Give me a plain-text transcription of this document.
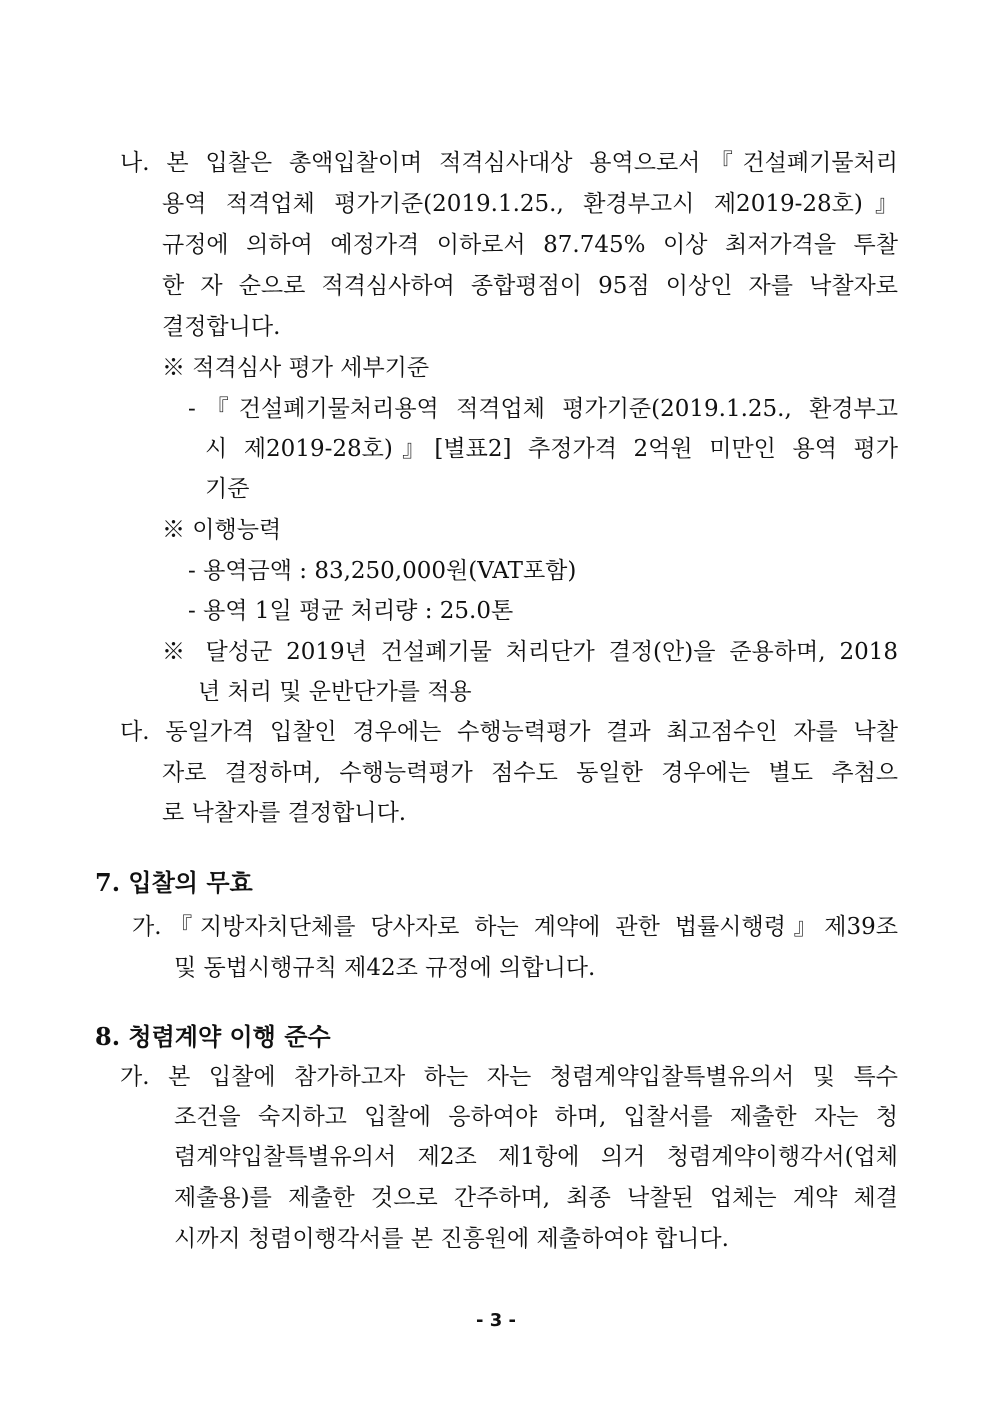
나. 본 입찰은 총액입찰이며 적격심사대상 용역으로서『건설폐기물처리
용역 적격업체 평가기준(2019.1.25., 환경부고시 제2019-28호)』
규정에 의하여 예정가격 이하로서 87.745% 이상 최저가격을 투찰
한 자 순으로 적격심사하여 종합평점이 95점 이상인 자를 낙찰자로
결정합니다.
※ 적격심사 평가 세부기준
-『건설폐기물처리용역 적격업체 평가기준(2019.1.25., 환경부고
시 제2019-28호)』[별표2] 추정가격 2억원 미만인 용역 평가
기준
※ 이행능력
- 용역금액 : 83,250,000원(VAT포함)
- 용역 1일 평균 처리량 : 25.0톤
※ 달성군 2019년 건설폐기물 처리단가 결정(안)을 준용하며, 2018
년 처리 및 운반단가를 적용
다. 동일가격 입찰인 경우에는 수행능력평가 결과 최고점수인 자를 낙찰
자로 결정하며, 수행능력평가 점수도 동일한 경우에는 별도 추첨으
로 낙찰자를 결정합니다.
7. 입찰의 무효
가.『지방자치단체를 당사자로 하는 계약에 관한 법률시행령』제39조
및 동법시행규칙 제42조 규정에 의합니다.
8. 청렴계약 이행 준수
가. 본 입찰에 참가하고자 하는 자는 청렴계약입찰특별유의서 및 특수
조건을 숙지하고 입찰에 응하여야 하며, 입찰서를 제출한 자는 청
렴계약입찰특별유의서 제2조 제1항에 의거 청렴계약이행각서(업체
제출용)를 제출한 것으로 간주하며, 최종 낙찰된 업체는 계약 체결
시까지 청렴이행각서를 본 진흥원에 제출하여야 합니다.
- 3 -
